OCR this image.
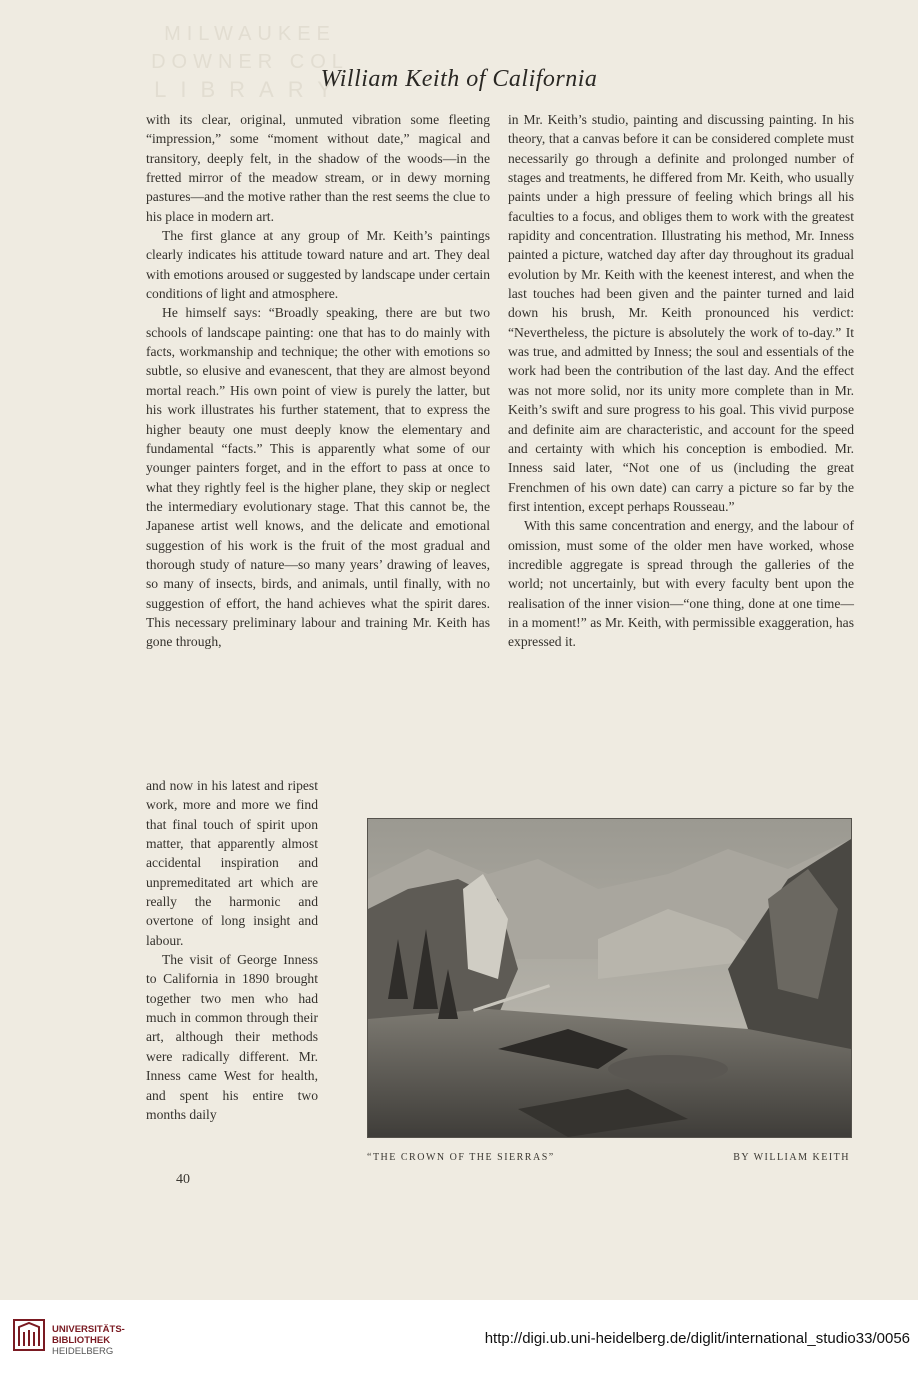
MILWAUKEE DOWNER COL
LIBRARY
William Keith of California

with its clear, original, unmuted vibration some fleeting “impression,” some “moment without date,” magical and transitory, deeply felt, in the shadow of the woods—in the fretted mirror of the meadow stream, or in dewy morning pastures—and the motive rather than the rest seems the clue to his place in modern art.

The first glance at any group of Mr. Keith’s paintings clearly indicates his attitude toward nature and art. They deal with emotions aroused or suggested by landscape under certain conditions of light and atmosphere.

He himself says: “Broadly speaking, there are but two schools of landscape painting: one that has to do mainly with facts, workmanship and technique; the other with emotions so subtle, so elusive and evanescent, that they are almost beyond mortal reach.” His own point of view is purely the latter, but his work illustrates his further statement, that to express the higher beauty one must deeply know the elementary and fundamental “facts.” This is apparently what some of our younger painters forget, and in the effort to pass at once to what they rightly feel is the higher plane, they skip or neglect the intermediary evolutionary stage. That this cannot be, the Japanese artist well knows, and the delicate and emotional suggestion of his work is the fruit of the most gradual and thorough study of nature—so many years’ drawing of leaves, so many of insects, birds, and animals, until finally, with no suggestion of effort, the hand achieves what the spirit dares. This necessary preliminary labour and training Mr. Keith has gone through,

and now in his latest and ripest work, more and more we find that final touch of spirit upon matter, that apparently almost accidental inspiration and unpremeditated art which are really the harmonic and overtone of long insight and labour.

The visit of George Inness to California in 1890 brought together two men who had much in common through their art, although their methods were radically different. Mr. Inness came West for health, and spent his entire two months daily

in Mr. Keith’s studio, painting and discussing painting. In his theory, that a canvas before it can be considered complete must necessarily go through a definite and prolonged number of stages and treatments, he differed from Mr. Keith, who usually paints under a high pressure of feeling which brings all his faculties to a focus, and obliges them to work with the greatest rapidity and concentration. Illustrating his method, Mr. Inness painted a picture, watched day after day throughout its gradual evolution by Mr. Keith with the keenest interest, and when the last touches had been given and the painter turned and laid down his brush, Mr. Keith pronounced his verdict: “Nevertheless, the picture is absolutely the work of to-day.” It was true, and admitted by Inness; the soul and essentials of the work had been the contribution of the last day. And the effect was not more solid, nor its unity more complete than in Mr. Keith’s swift and sure progress to his goal. This vivid purpose and definite aim are characteristic, and account for the speed and certainty with which his conception is embodied. Mr. Inness said later, “Not one of us (including the great Frenchmen of his own date) can carry a picture so far by the first intention, except perhaps Rousseau.”

With this same concentration and energy, and the labour of omission, must some of the older men have worked, whose incredible aggregate is spread through the galleries of the world; not uncertainly, but with every faculty bent upon the realisation of the inner vision—“one thing, done at one time—in a moment!” as Mr. Keith, with permissible exaggeration, has expressed it.

“THE CROWN OF THE SIERRAS”	BY WILLIAM KEITH
40
UNIVERSITÄTS-
BIBLIOTHEK
HEIDELBERG
http://digi.ub.uni-heidelberg.de/diglit/international_studio33/0056
